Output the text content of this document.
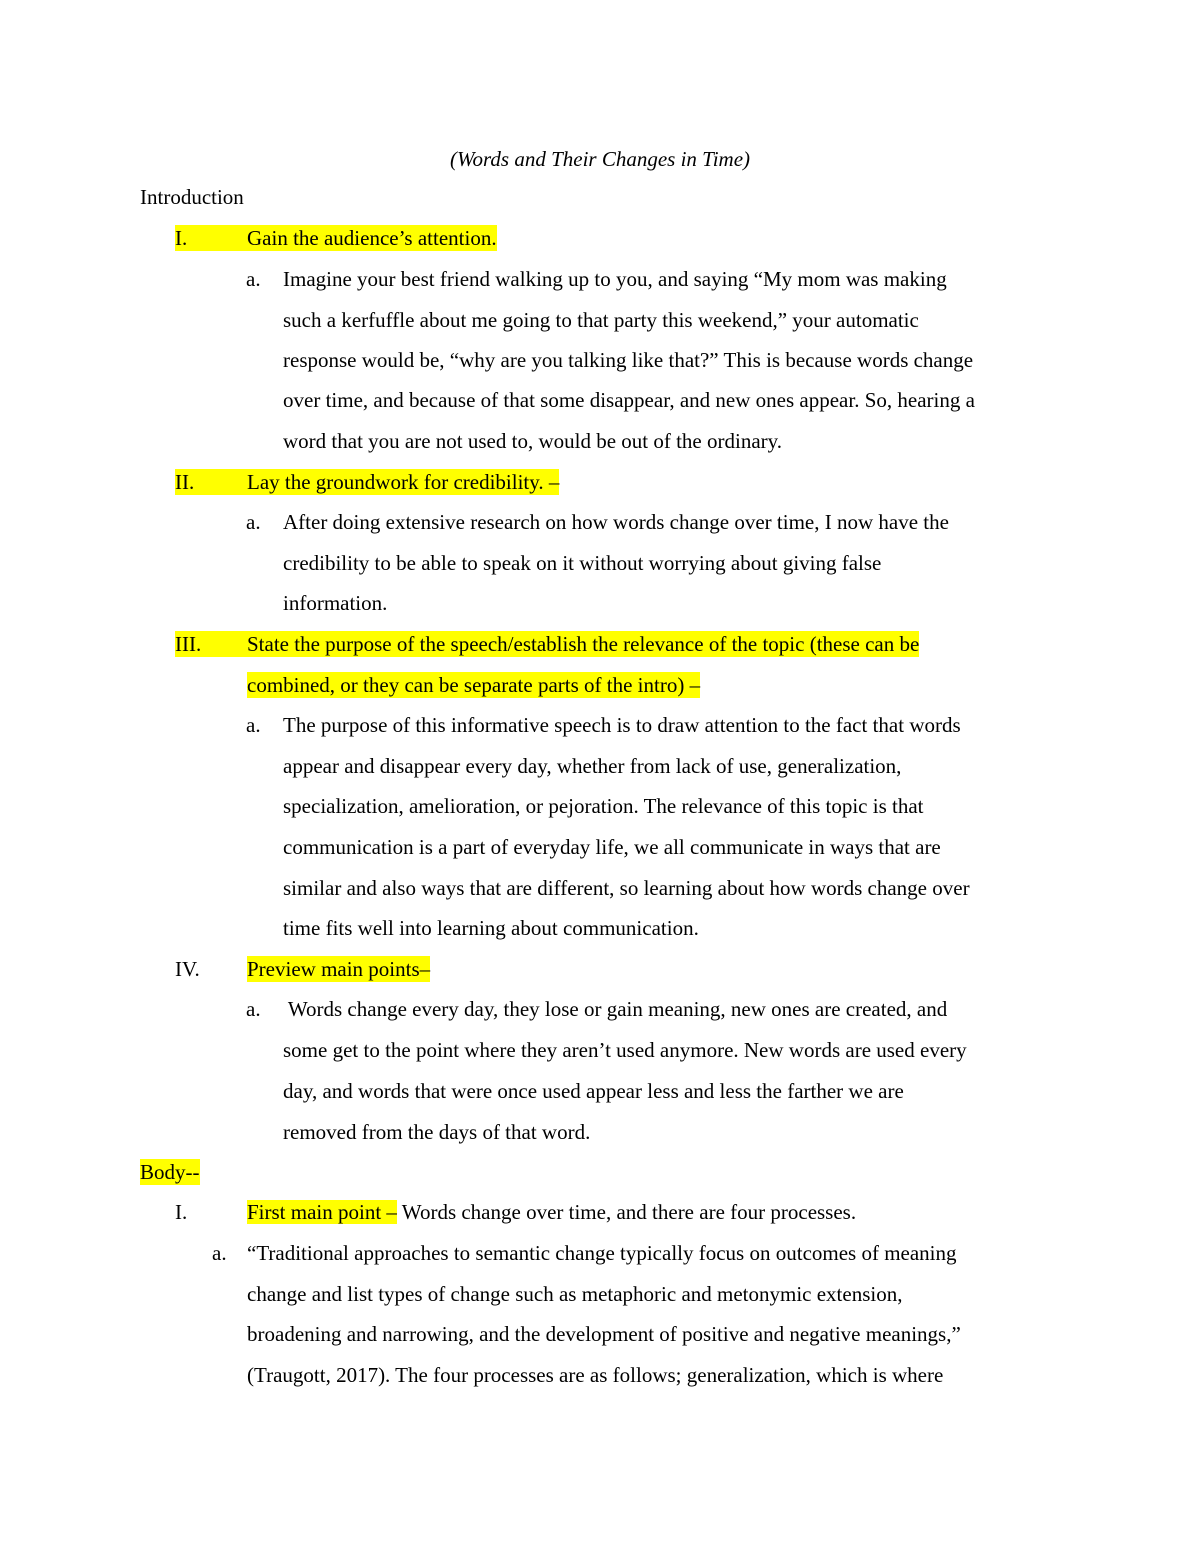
(Words and Their Changes in Time)
Introduction
I.	Gain the audience’s attention.
a. Imagine your best friend walking up to you, and saying “My mom was making
such a kerfuffle about me going to that party this weekend,” your automatic
response would be, “why are you talking like that?” This is because words change
over time, and because of that some disappear, and new ones appear. So, hearing a
word that you are not used to, would be out of the ordinary.
II.	Lay the groundwork for credibility. –
a. After doing extensive research on how words change over time, I now have the
credibility to be able to speak on it without worrying about giving false
information.
III.	State the purpose of the speech/establish the relevance of the topic (these can be
combined, or they can be separate parts of the intro) –
a. The purpose of this informative speech is to draw attention to the fact that words
appear and disappear every day, whether from lack of use, generalization,
specialization, amelioration, or pejoration. The relevance of this topic is that
communication is a part of everyday life, we all communicate in ways that are
similar and also ways that are different, so learning about how words change over
time fits well into learning about communication.
IV. Preview main points–
a. Words change every day, they lose or gain meaning, new ones are created, and
some get to the point where they aren’t used anymore. New words are used every
day, and words that were once used appear less and less the farther we are
removed from the days of that word.
Body--
I.	First main point – Words change over time, and there are four processes.
a. “Traditional approaches to semantic change typically focus on outcomes of meaning
change and list types of change such as metaphoric and metonymic extension,
broadening and narrowing, and the development of positive and negative meanings,”
(Traugott, 2017). The four processes are as follows; generalization, which is where
